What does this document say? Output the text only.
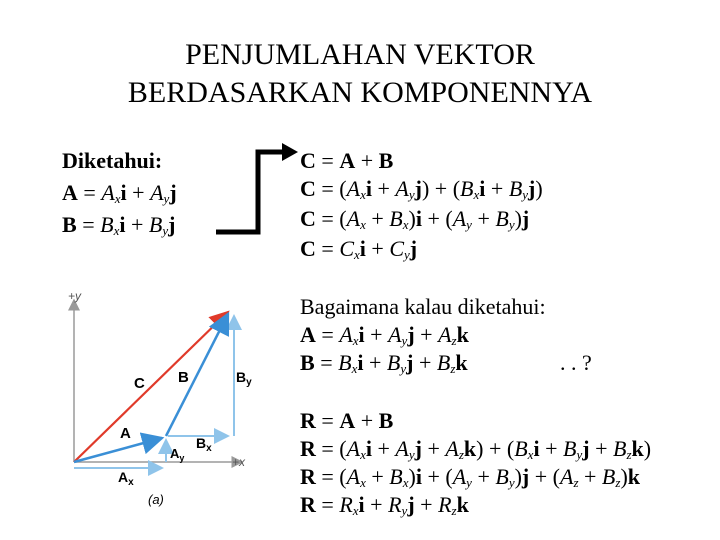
PENJUMLAHAN VEKTOR
BERDASARKAN KOMPONENNYA
Diketahui:
$A = A_xi + A_yj$
$B = B_xi + B_yj$
C = A + B
$C = (A_xi + A_yj) + (B_xi + B_yj)$
$C = (A_x + B_x)i + (A_y + B_y)j$
$C = C_xi + C_yj$
Bagaimana kalau diketahui:
$A = A_xi + A_yj + A_zk$
$B = B_xi + B_yj + B_zk$	. . ?
R = A + B
$R = (A_xi + A_yj + A_zk) + (B_xi + B_yj + B_zk)$
$R = (A_x + B_x)i + (A_y + B_y)j + (A_z + B_z)k$
$R = R_xi + R_yj + R_zk$
+y
+x
C B
A
$B_y$
$B_x$
$A_y$
$A_x$
(a)
